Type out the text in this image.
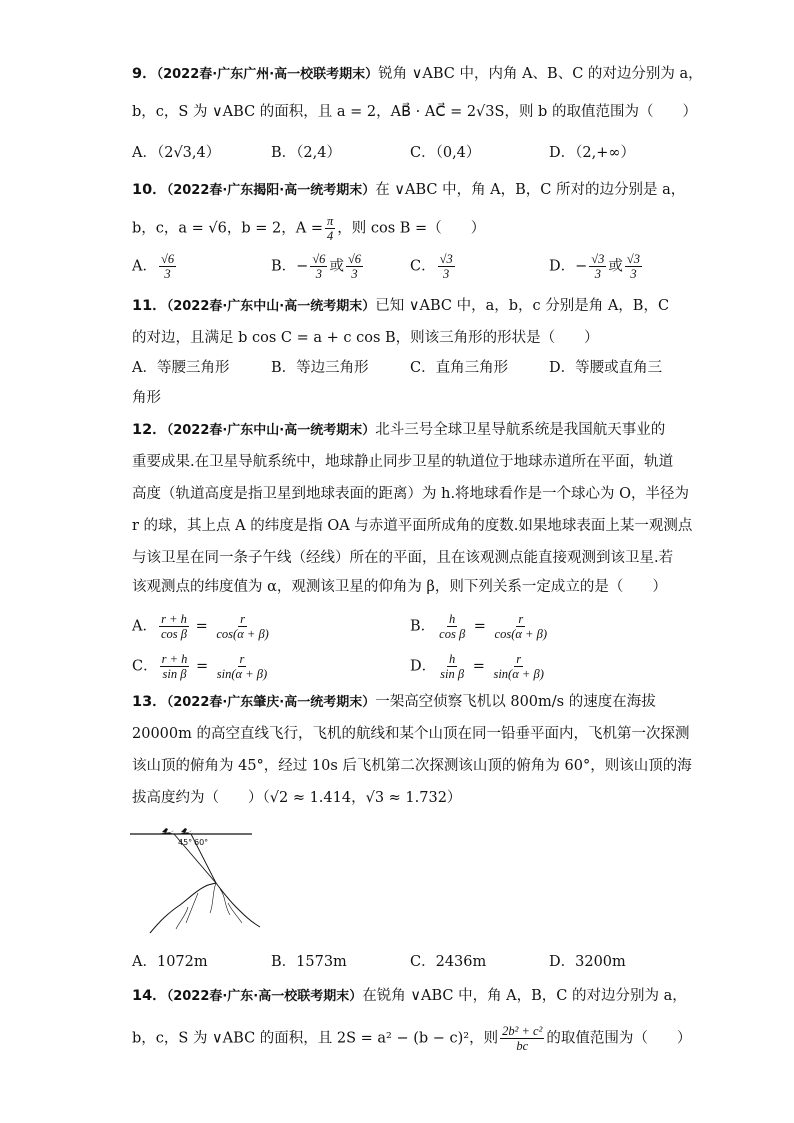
9．（2022春·广东广州·高一校联考期末）锐角 ∨ABC 中，内角 A、B、C 的对边分别为 a，
b，c，S 为 ∨ABC 的面积，且 a = 2，AB⃗ · AC⃗ = 2√3S，则 b 的取值范围为（　　）
A．（2√3,4）	B．（2,4）	C．（0,4）	D．（2,+∞）
10．（2022春·广东揭阳·高一统考期末）在 ∨ABC 中，角 A，B，C 所对的边分别是 a，
b，c，a = √6，b = 2，$A = \frac{\pi}{4}$ ，则 cos B =（　　）
A． $\frac{√6}{3}$	B．− $\frac{√6}{3}$ 或 $\frac{√6}{3}$	C． $\frac{√3}{3}$	D．− $\frac{√3}{3}$ 或 $\frac{√3}{3}$
11．（2022春·广东中山·高一统考期末）已知 ∨ABC 中，a，b，c 分别是角 A，B，C
的对边，且满足 b cos C = a + c cos B，则该三角形的形状是（　　）
A．等腰三角形	B．等边三角形	C．直角三角形	D．等腰或直角三
角形
12．（2022春·广东中山·高一统考期末）北斗三号全球卫星导航系统是我国航天事业的
重要成果.在卫星导航系统中，地球静止同步卫星的轨道位于地球赤道所在平面，轨道
高度（轨道高度是指卫星到地球表面的距离）为 h.将地球看作是一个球心为 O，半径为
r 的球，其上点 A 的纬度是指 OA 与赤道平面所成角的度数.如果地球表面上某一观测点
与该卫星在同一条子午线（经线）所在的平面，且在该观测点能直接观测到该卫星.若
该观测点的纬度值为 α，观测该卫星的仰角为 β，则下列关系一定成立的是（　　）
A． $\frac{r + h}{\text{cos β}} = \frac{r}{\cos(\alpha + \beta)}$	B． $\frac{h}{\text{cos β}} = \frac{r}{\cos(\alpha + \beta)}$
C． $\frac{r + h}{\text{sin β}} = \frac{r}{\sin(\alpha + \beta)}$	D． $\frac{h}{\text{sin β}} = \frac{r}{\sin(\alpha + \beta)}$
13．（2022春·广东肇庆·高一统考期末）一架高空侦察飞机以 800m/s 的速度在海拔
20000m 的高空直线飞行，飞机的航线和某个山顶在同一铅垂平面内，飞机第一次探测
该山顶的俯角为 45°，经过 10s 后飞机第二次探测该山顶的俯角为 60°，则该山顶的海
拔高度约为（　　）（√2 ≈ 1.414，√3 ≈ 1.732）
45° 60°
A．1072m	B．1573m	C．2436m	D．3200m
14．（2022春·广东·高一校联考期末）在锐角 ∨ABC 中，角 A，B，C 的对边分别为 a，
b，c，S 为 ∨ABC 的面积，且 2S = a² − (b − c)²，则 $\frac{\text{2b² + c²}}{bc}$ 的取值范围为（　　）
